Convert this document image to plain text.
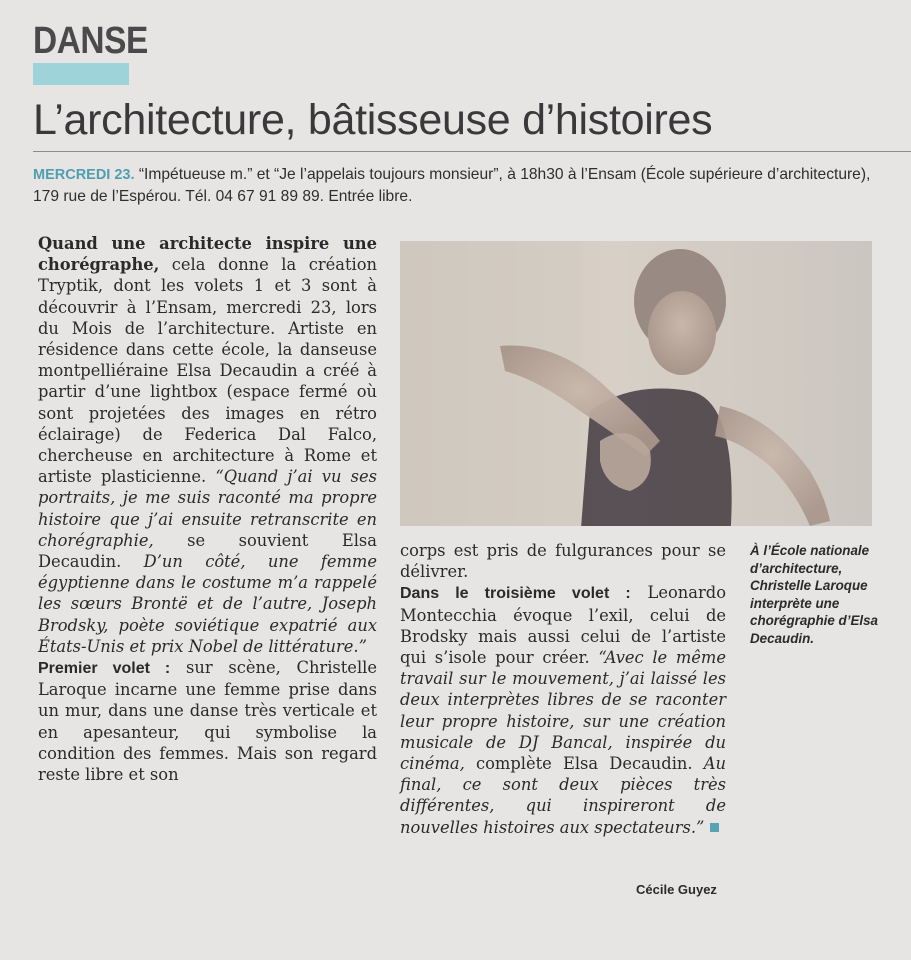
DANSE
L’architecture, bâtisseuse d’histoires
MERCREDI 23. “Impétueuse m.” et “Je l’appelais toujours monsieur”, à 18h30 à l’Ensam (École supérieure d’architecture), 179 rue de l’Espérou. Tél. 04 67 91 89 89. Entrée libre.

Quand une architecte inspire une chorégraphe, cela donne la création Tryptik, dont les volets 1 et 3 sont à découvrir à l’Ensam, mercredi 23, lors du Mois de l’architecture. Artiste en résidence dans cette école, la danseuse montpelliéraine Elsa Decaudin a créé à partir d’une lightbox (espace fermé où sont projetées des images en rétro éclairage) de Federica Dal Falco, chercheuse en architecture à Rome et artiste plasticienne. “Quand j’ai vu ses portraits, je me suis raconté ma propre histoire que j’ai ensuite retranscrite en chorégraphie, se souvient Elsa Decaudin. D’un côté, une femme égyptienne dans le costume m’a rappelé les sœurs Brontë et de l’autre, Joseph Brodsky, poète soviétique expatrié aux États-Unis et prix Nobel de littérature.”

Premier volet : sur scène, Christelle Laroque incarne une femme prise dans un mur, dans une danse très verticale et en apesanteur, qui symbolise la condition des femmes. Mais son regard reste libre et son

À l’École nationale d’architecture, Christelle Laroque interprète une chorégraphie d’Elsa Decaudin.

corps est pris de fulgurances pour se délivrer.

Dans le troisième volet : Leonardo Montecchia évoque l’exil, celui de Brodsky mais aussi celui de l’artiste qui s’isole pour créer. “Avec le même travail sur le mouvement, j’ai laissé les deux interprètes libres de se raconter leur propre histoire, sur une création musicale de DJ Bancal, inspirée du cinéma, complète Elsa Decaudin. Au final, ce sont deux pièces très différentes, qui inspireront de nouvelles histoires aux spectateurs.”

Cécile Guyez
